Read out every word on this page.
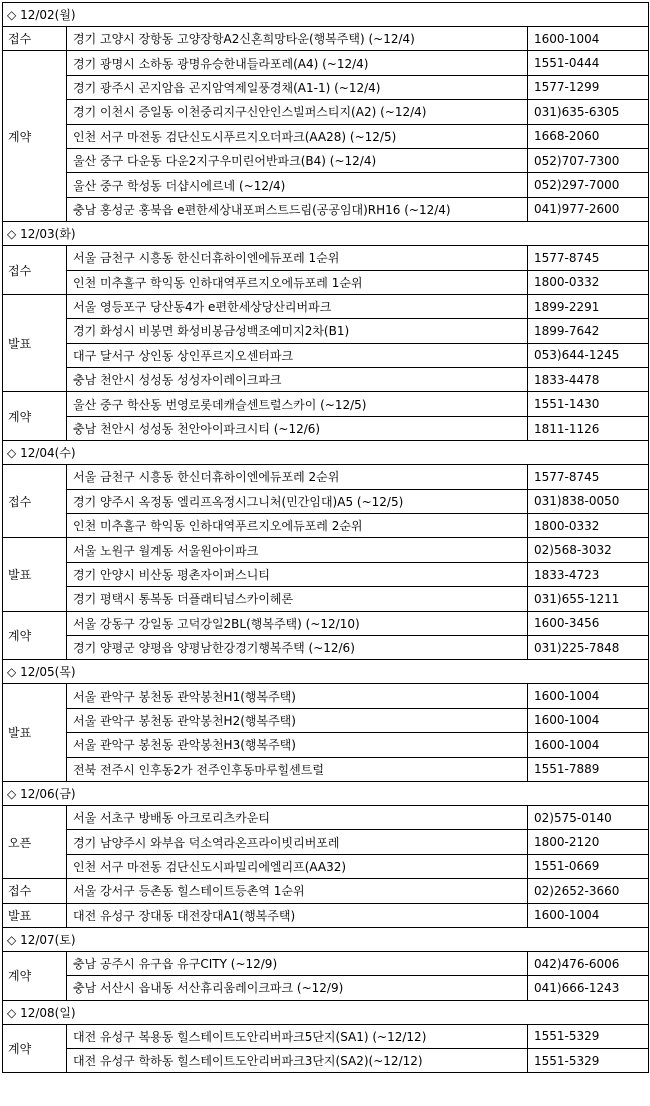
◇ 12/02(월)		
접수	경기 고양시 장항동 고양장항A2신혼희망타운(행복주택) (~12/4)	1600-1004
계약	경기 광명시 소하동 광명유승한내들라포레(A4) (~12/4)	1551-0444
	경기 광주시 곤지암읍 곤지암역제일풍경채(A1-1) (~12/4)	1577-1299
	경기 이천시 증일동 이천중리지구신안인스빌퍼스티지(A2) (~12/4)	031)635-6305
	인천 서구 마전동 검단신도시푸르지오더파크(AA28) (~12/5)	1668-2060
	울산 중구 다운동 다운2지구우미린어반파크(B4) (~12/4)	052)707-7300
	울산 중구 학성동 더샵시에르네 (~12/4)	052)297-7000
	충남 홍성군 홍북읍 e편한세상내포퍼스트드림(공공임대)RH16 (~12/4)	041)977-2600
◇ 12/03(화)		
접수	서울 금천구 시흥동 한신더휴하이엔에듀포레 1순위	1577-8745
	인천 미추홀구 학익동 인하대역푸르지오에듀포레 1순위	1800-0332
발표	서울 영등포구 당산동4가 e편한세상당산리버파크	1899-2291
	경기 화성시 비봉면 화성비봉금성백조예미지2차(B1)	1899-7642
	대구 달서구 상인동 상인푸르지오센터파크	053)644-1245
	충남 천안시 성성동 성성자이레이크파크	1833-4478
계약	울산 중구 학산동 번영로롯데캐슬센트럴스카이 (~12/5)	1551-1430
	충남 천안시 성성동 천안아이파크시티 (~12/6)	1811-1126
◇ 12/04(수)		
접수	서울 금천구 시흥동 한신더휴하이엔에듀포레 2순위	1577-8745
	경기 양주시 옥정동 엘리프옥정시그니처(민간임대)A5 (~12/5)	031)838-0050
	인천 미추홀구 학익동 인하대역푸르지오에듀포레 2순위	1800-0332
발표	서울 노원구 월계동 서울원아이파크	02)568-3032
	경기 안양시 비산동 평촌자이퍼스니티	1833-4723
	경기 평택시 통복동 더플래티넘스카이헤론	031)655-1211
계약	서울 강동구 강일동 고덕강일2BL(행복주택) (~12/10)	1600-3456
	경기 양평군 양평읍 양평남한강경기행복주택 (~12/6)	031)225-7848
◇ 12/05(목)		
발표	서울 관악구 봉천동 관악봉천H1(행복주택)	1600-1004
	서울 관악구 봉천동 관악봉천H2(행복주택)	1600-1004
	서울 관악구 봉천동 관악봉천H3(행복주택)	1600-1004
	전북 전주시 인후동2가 전주인후동마루힐센트럴	1551-7889
◇ 12/06(금)		
오픈	서울 서초구 방배동 아크로리츠카운티	02)575-0140
	경기 남양주시 와부읍 덕소역라온프라이빗리버포레	1800-2120
	인천 서구 마전동 검단신도시파밀리에엘리프(AA32)	1551-0669
접수	서울 강서구 등촌동 힐스테이트등촌역 1순위	02)2652-3660
발표	대전 유성구 장대동 대전장대A1(행복주택)	1600-1004
◇ 12/07(토)		
계약	충남 공주시 유구읍 유구CITY (~12/9)	042)476-6006
	충남 서산시 읍내동 서산휴리움레이크파크 (~12/9)	041)666-1243
◇ 12/08(일)		
계약	대전 유성구 복용동 힐스테이트도안리버파크5단지(SA1) (~12/12)	1551-5329
	대전 유성구 학하동 힐스테이트도안리버파크3단지(SA2)(~12/12)	1551-5329
